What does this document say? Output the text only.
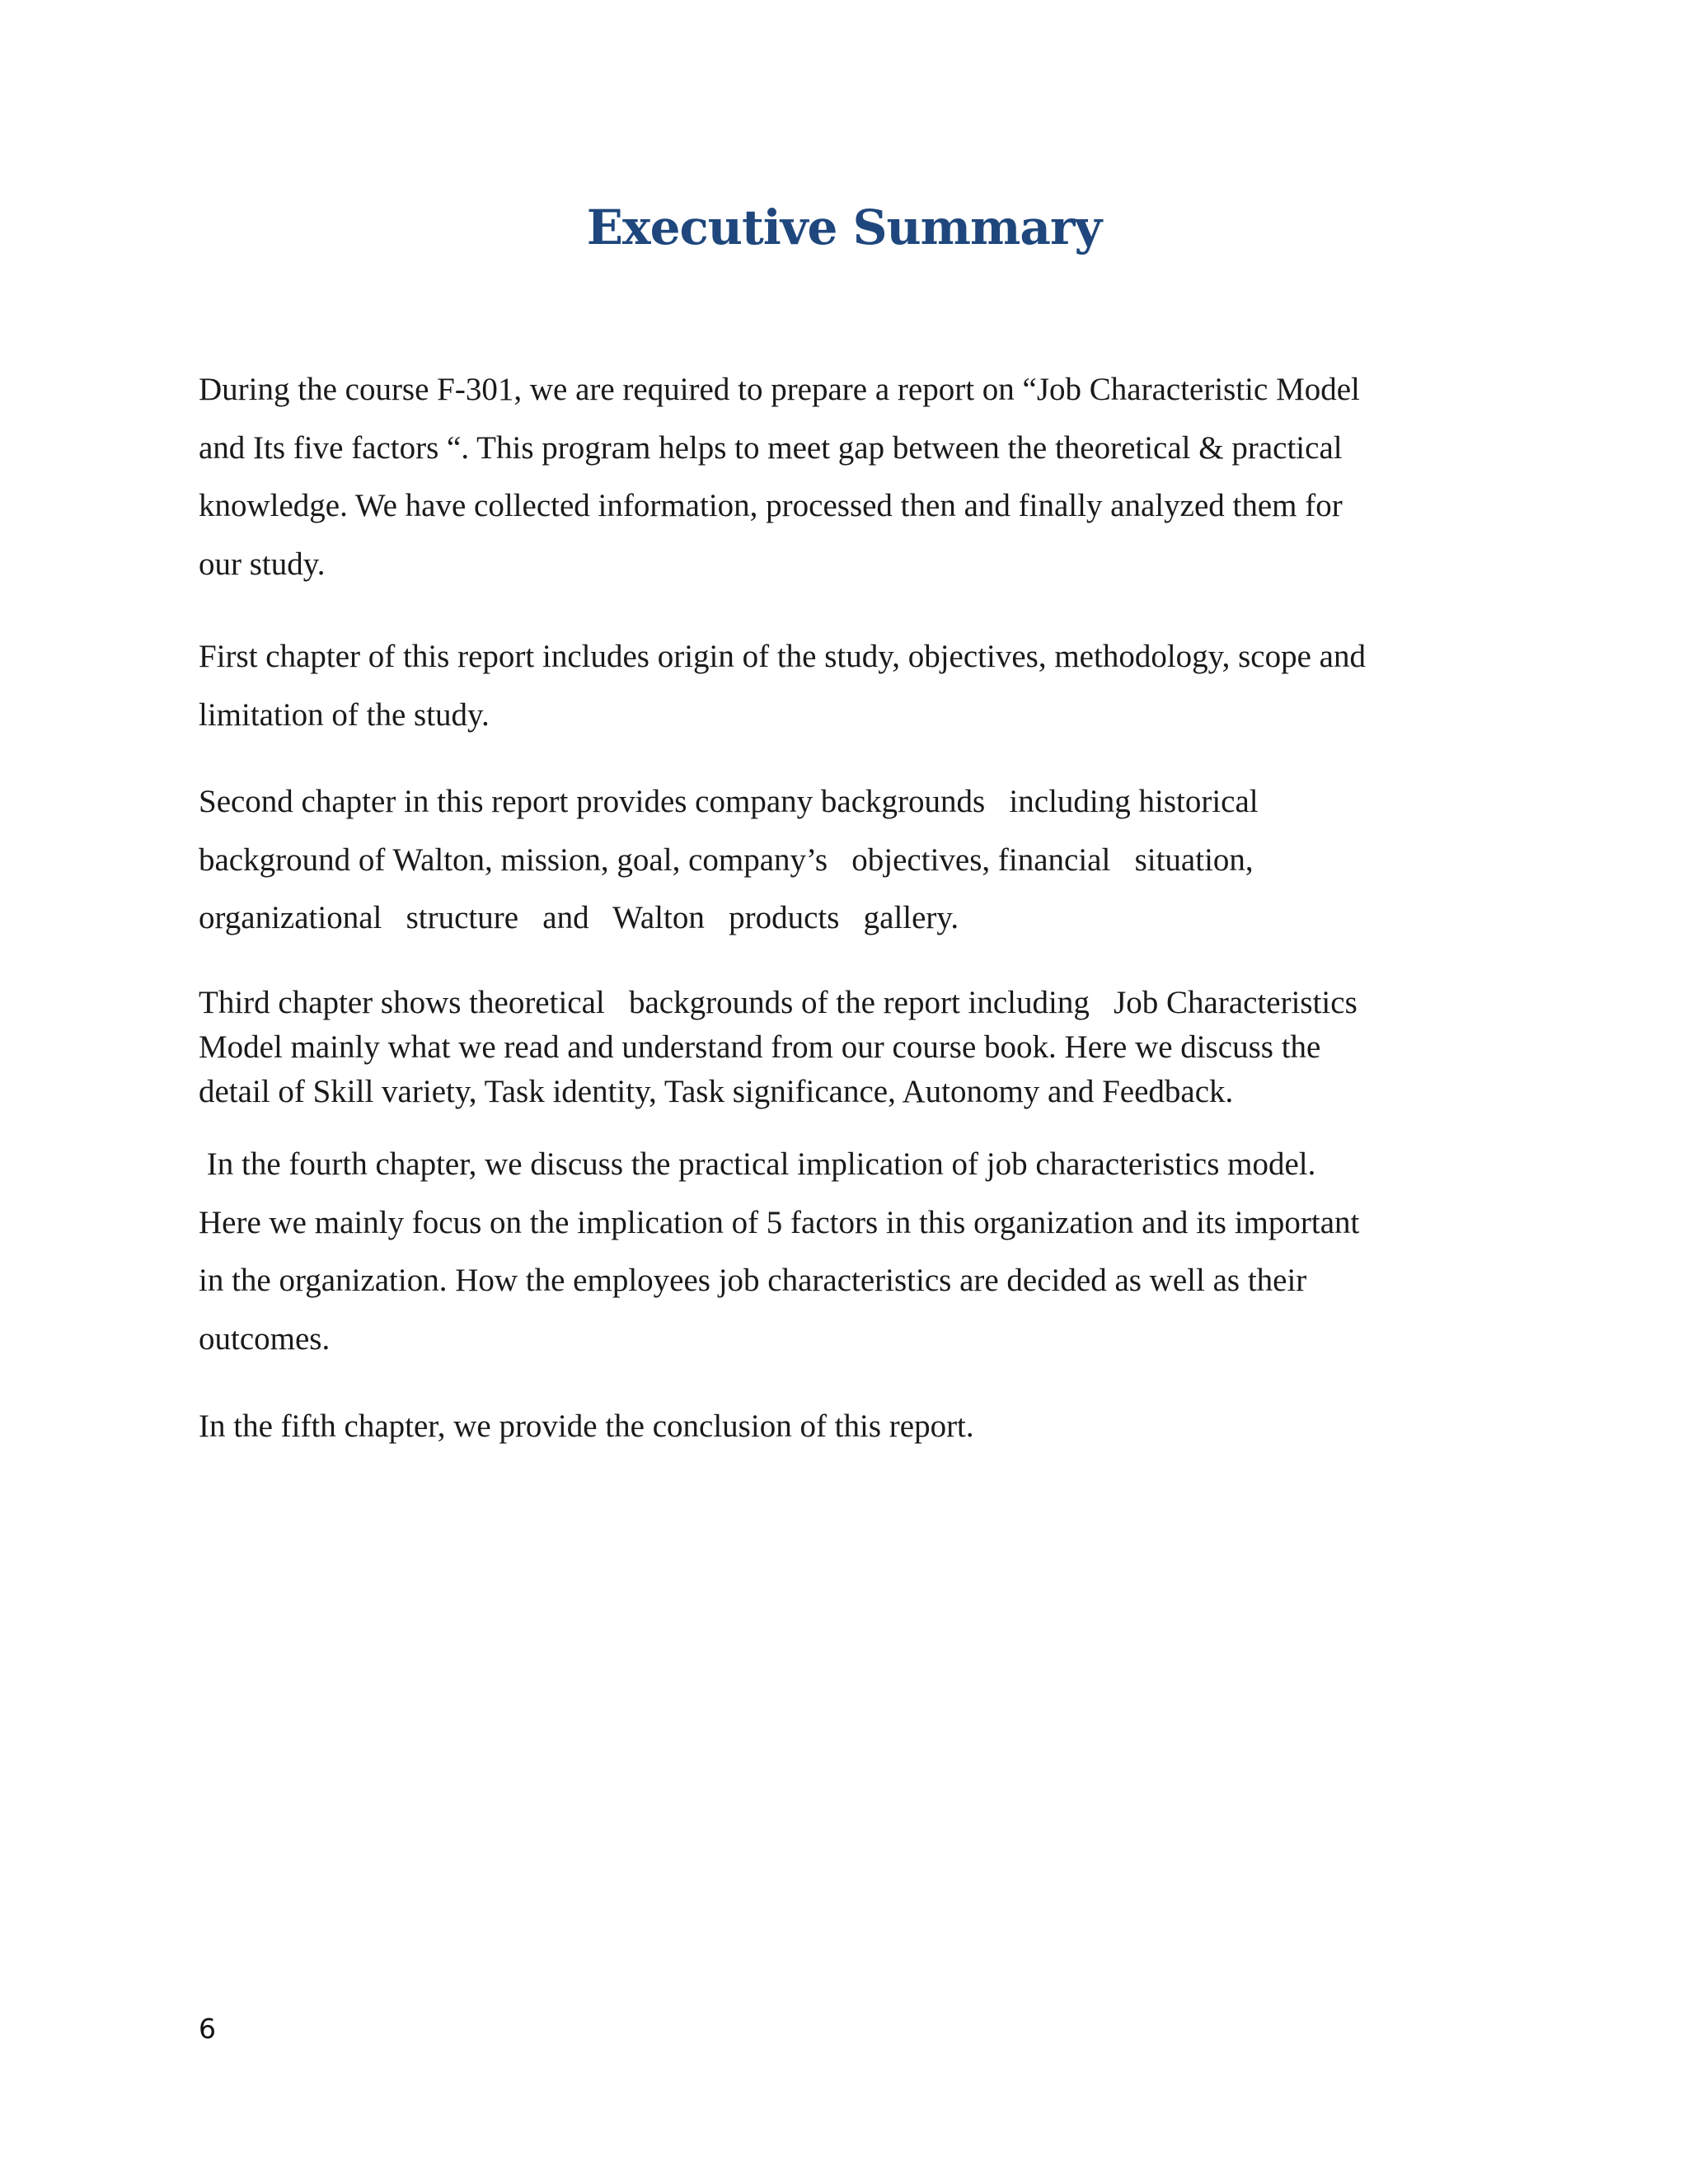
Executive Summary

During the course F-301, we are required to prepare a report on “Job Characteristic Model
and Its five factors “. This program helps to meet gap between the theoretical & practical
knowledge. We have collected information, processed then and finally analyzed them for
our study.

First chapter of this report includes origin of the study, objectives, methodology, scope and
limitation of the study.

Second chapter in this report provides company backgrounds   including historical
background of Walton, mission, goal, company’s   objectives, financial   situation,
organizational   structure   and   Walton   products   gallery.

Third chapter shows theoretical   backgrounds of the report including   Job Characteristics
Model mainly what we read and understand from our course book. Here we discuss the
detail of Skill variety, Task identity, Task significance, Autonomy and Feedback.

In the fourth chapter, we discuss the practical implication of job characteristics model.
Here we mainly focus on the implication of 5 factors in this organization and its important
in the organization. How the employees job characteristics are decided as well as their
outcomes.

In the fifth chapter, we provide the conclusion of this report.

6
